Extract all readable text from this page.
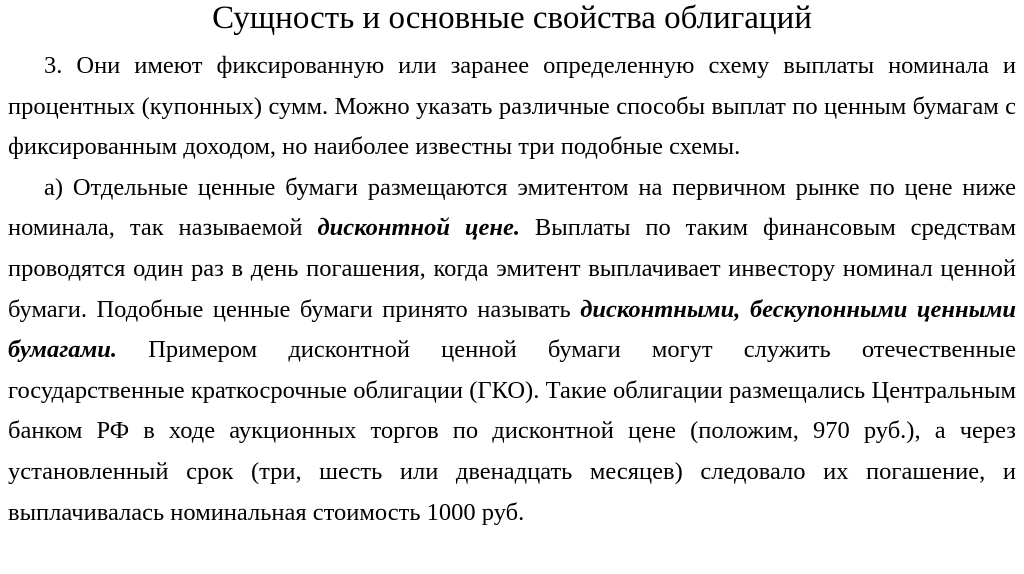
Сущность и основные свойства облигаций

3. Они имеют фиксированную или заранее определенную схему выплаты номинала и процентных (купонных) сумм. Можно указать различные способы выплат по ценным бумагам с фиксированным доходом, но наиболее известны три подобные схемы.

а) Отдельные ценные бумаги размещаются эмитентом на первичном рынке по цене ниже номинала, так называемой дисконтной цене. Выплаты по таким финансовым средствам проводятся один раз в день погашения, когда эмитент выплачивает инвестору номинал ценной бумаги. Подобные ценные бумаги принято называть дисконтными, бескупонными ценными бумагами. Примером дисконтной ценной бумаги могут служить отечественные государственные краткосрочные облигации (ГКО). Такие облигации размещались Центральным банком РФ в ходе аукционных торгов по дисконтной цене (положим, 970 руб.), а через установленный срок (три, шесть или двенадцать месяцев) следовало их погашение, и выплачивалась номинальная стоимость 1000 руб.
